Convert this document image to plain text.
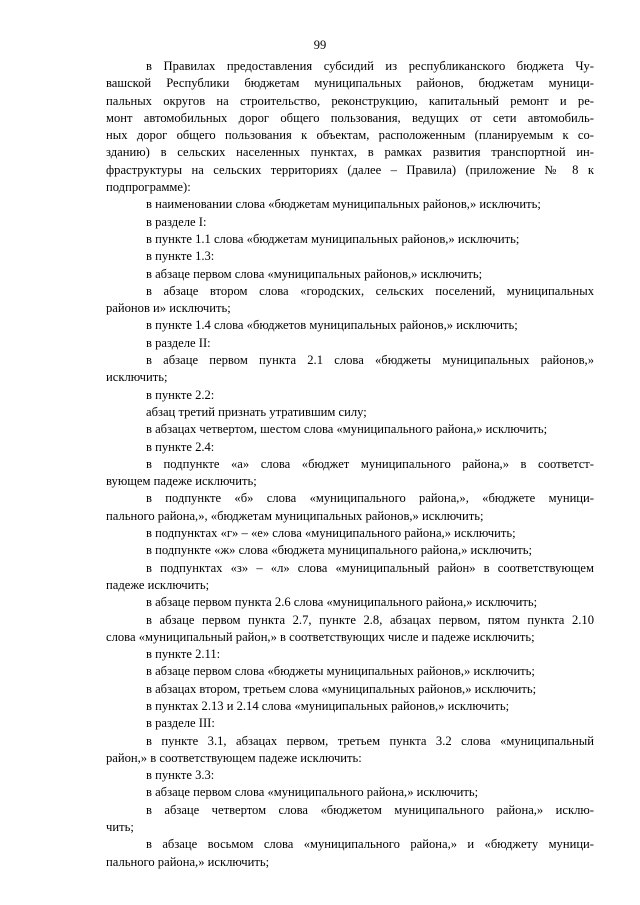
99
в Правилах предоставления субсидий из республиканского бюджета Чу-
вашской Республики бюджетам муниципальных районов, бюджетам муници-
пальных округов на строительство, реконструкцию, капитальный ремонт и ре-
монт автомобильных дорог общего пользования, ведущих от сети автомобиль-
ных дорог общего пользования к объектам, расположенным (планируемым к со-
зданию) в сельских населенных пунктах, в рамках развития транспортной ин-
фраструктуры на сельских территориях (далее – Правила) (приложение № 8 к
подпрограмме):
в наименовании слова «бюджетам муниципальных районов,» исключить;
в разделе I:
в пункте 1.1 слова «бюджетам муниципальных районов,» исключить;
в пункте 1.3:
в абзаце первом слова «муниципальных районов,» исключить;
в абзаце втором слова «городских, сельских поселений, муниципальных
районов и» исключить;
в пункте 1.4 слова «бюджетов муниципальных районов,» исключить;
в разделе II:
в абзаце первом пункта 2.1 слова «бюджеты муниципальных районов,»
исключить;
в пункте 2.2:
абзац третий признать утратившим силу;
в абзацах четвертом, шестом слова «муниципального района,» исключить;
в пункте 2.4:
в подпункте «а» слова «бюджет муниципального района,» в соответст-
вующем падеже исключить;
в подпункте «б» слова «муниципального района,», «бюджете муници-
пального района,», «бюджетам муниципальных районов,» исключить;
в подпунктах «г» – «е» слова «муниципального района,» исключить;
в подпункте «ж» слова «бюджета муниципального района,» исключить;
в подпунктах «з» – «л» слова «муниципальный район» в соответствующем
падеже исключить;
в абзаце первом пункта 2.6 слова «муниципального района,» исключить;
в абзаце первом пункта 2.7, пункте 2.8, абзацах первом, пятом пункта 2.10
слова «муниципальный район,» в соответствующих числе и падеже исключить;
в пункте 2.11:
в абзаце первом слова «бюджеты муниципальных районов,» исключить;
в абзацах втором, третьем слова «муниципальных районов,» исключить;
в пунктах 2.13 и 2.14 слова «муниципальных районов,» исключить;
в разделе III:
в пункте 3.1, абзацах первом, третьем пункта 3.2 слова «муниципальный
район,» в соответствующем падеже исключить:
в пункте 3.3:
в абзаце первом слова «муниципального района,» исключить;
в абзаце четвертом слова «бюджетом муниципального района,» исклю-
чить;
в абзаце восьмом слова «муниципального района,» и «бюджету муници-
пального района,» исключить;
